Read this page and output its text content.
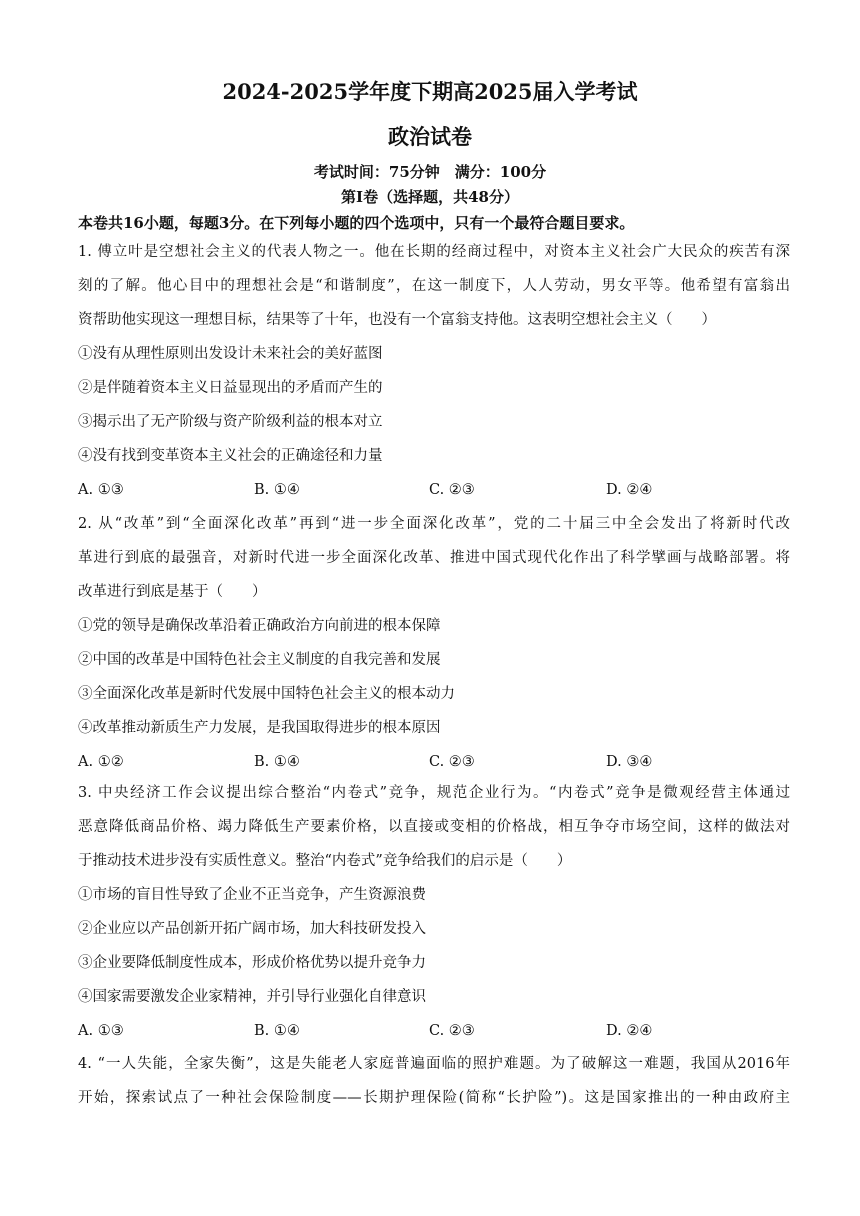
2024-2025学年度下期高2025届入学考试
政治试卷
考试时间：75分钟　满分：100分
第Ⅰ卷（选择题，共48分）
本卷共16小题，每题3分。在下列每小题的四个选项中，只有一个最符合题目要求。
1. 傅立叶是空想社会主义的代表人物之一。他在长期的经商过程中，对资本主义社会广大民众的疾苦有深
刻的了解。他心目中的理想社会是“和谐制度”，在这一制度下，人人劳动，男女平等。他希望有富翁出
资帮助他实现这一理想目标，结果等了十年，也没有一个富翁支持他。这表明空想社会主义（　　）
①没有从理性原则出发设计未来社会的美好蓝图
②是伴随着资本主义日益显现出的矛盾而产生的
③揭示出了无产阶级与资产阶级利益的根本对立
④没有找到变革资本主义社会的正确途径和力量
A. ①③	B. ①④	C. ②③	D. ②④
2. 从“改革”到“全面深化改革”再到“进一步全面深化改革”，党的二十届三中全会发出了将新时代改
革进行到底的最强音，对新时代进一步全面深化改革、推进中国式现代化作出了科学擘画与战略部署。将
改革进行到底是基于（　　）
①党的领导是确保改革沿着正确政治方向前进的根本保障
②中国的改革是中国特色社会主义制度的自我完善和发展
③全面深化改革是新时代发展中国特色社会主义的根本动力
④改革推动新质生产力发展，是我国取得进步的根本原因
A. ①②	B. ①④	C. ②③	D. ③④
3. 中央经济工作会议提出综合整治“内卷式”竞争，规范企业行为。“内卷式”竞争是微观经营主体通过
恶意降低商品价格、竭力降低生产要素价格，以直接或变相的价格战，相互争夺市场空间，这样的做法对
于推动技术进步没有实质性意义。整治“内卷式”竞争给我们的启示是（　　）
①市场的盲目性导致了企业不正当竞争，产生资源浪费
②企业应以产品创新开拓广阔市场，加大科技研发投入
③企业要降低制度性成本，形成价格优势以提升竞争力
④国家需要激发企业家精神，并引导行业强化自律意识
A. ①③	B. ①④	C. ②③	D. ②④
4. “一人失能，全家失衡”，这是失能老人家庭普遍面临的照护难题。为了破解这一难题，我国从2016年
开始，探索试点了一种社会保险制度——长期护理保险(简称“长护险”)。这是国家推出的一种由政府主
